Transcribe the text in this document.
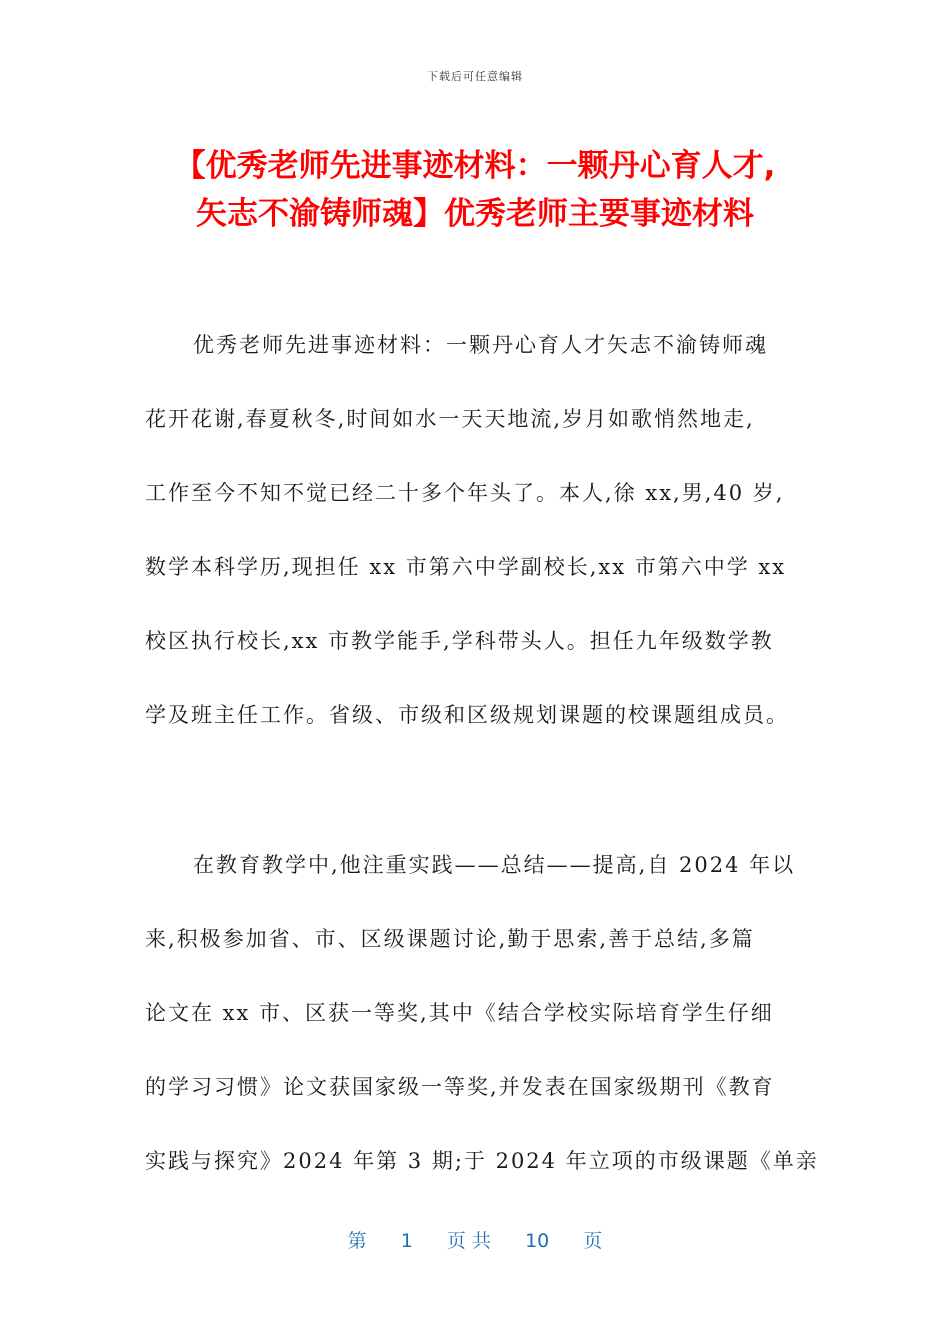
下载后可任意编辑
【优秀老师先进事迹材料：一颗丹心育人才,
矢志不渝铸师魂】优秀老师主要事迹材料
优秀老师先进事迹材料：一颗丹心育人才矢志不渝铸师魂
花开花谢,春夏秋冬,时间如水一天天地流,岁月如歌悄然地走,
工作至今不知不觉已经二十多个年头了。本人,徐 xx,男,40 岁,
数学本科学历,现担任 xx 市第六中学副校长,xx 市第六中学 xx
校区执行校长,xx 市教学能手,学科带头人。担任九年级数学教
学及班主任工作。省级、市级和区级规划课题的校课题组成员。
在教育教学中,他注重实践——总结——提高,自 2024 年以
来,积极参加省、市、区级课题讨论,勤于思索,善于总结,多篇
论文在 xx 市、区获一等奖,其中《结合学校实际培育学生仔细
的学习习惯》论文获国家级一等奖,并发表在国家级期刊《教育
实践与探究》2024 年第 3 期;于 2024 年立项的市级课题《单亲
第 1 页 共 10 页
